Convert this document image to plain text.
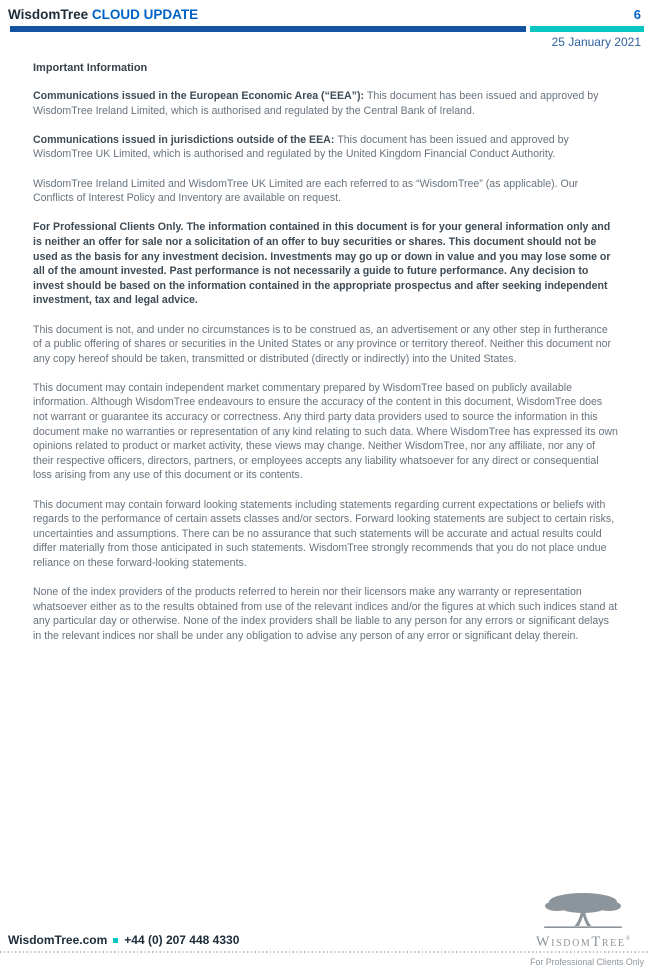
WisdomTree CLOUD UPDATE	6
25 January 2021
Important Information

Communications issued in the European Economic Area (“EEA”): This document has been issued and approved by WisdomTree Ireland Limited, which is authorised and regulated by the Central Bank of Ireland.

Communications issued in jurisdictions outside of the EEA: This document has been issued and approved by WisdomTree UK Limited, which is authorised and regulated by the United Kingdom Financial Conduct Authority.

WisdomTree Ireland Limited and WisdomTree UK Limited are each referred to as “WisdomTree” (as applicable). Our Conflicts of Interest Policy and Inventory are available on request.

For Professional Clients Only. The information contained in this document is for your general information only and is neither an offer for sale nor a solicitation of an offer to buy securities or shares. This document should not be used as the basis for any investment decision. Investments may go up or down in value and you may lose some or all of the amount invested. Past performance is not necessarily a guide to future performance. Any decision to invest should be based on the information contained in the appropriate prospectus and after seeking independent investment, tax and legal advice.

This document is not, and under no circumstances is to be construed as, an advertisement or any other step in furtherance of a public offering of shares or securities in the United States or any province or territory thereof. Neither this document nor any copy hereof should be taken, transmitted or distributed (directly or indirectly) into the United States.

This document may contain independent market commentary prepared by WisdomTree based on publicly available information. Although WisdomTree endeavours to ensure the accuracy of the content in this document, WisdomTree does not warrant or guarantee its accuracy or correctness. Any third party data providers used to source the information in this document make no warranties or representation of any kind relating to such data. Where WisdomTree has expressed its own opinions related to product or market activity, these views may change. Neither WisdomTree, nor any affiliate, nor any of their respective officers, directors, partners, or employees accepts any liability whatsoever for any direct or consequential loss arising from any use of this document or its contents.

This document may contain forward looking statements including statements regarding current expectations or beliefs with regards to the performance of certain assets classes and/or sectors. Forward looking statements are subject to certain risks, uncertainties and assumptions. There can be no assurance that such statements will be accurate and actual results could differ materially from those anticipated in such statements. WisdomTree strongly recommends that you do not place undue reliance on these forward-looking statements.

None of the index providers of the products referred to herein nor their licensors make any warranty or representation whatsoever either as to the results obtained from use of the relevant indices and/or the figures at which such indices stand at any particular day or otherwise. None of the index providers shall be liable to any person for any errors or significant delays in the relevant indices nor shall be under any obligation to advise any person of any error or significant delay therein.

WisdomTree.com +44 (0) 207 448 4330	WisdomTree®
For Professional Clients Only
